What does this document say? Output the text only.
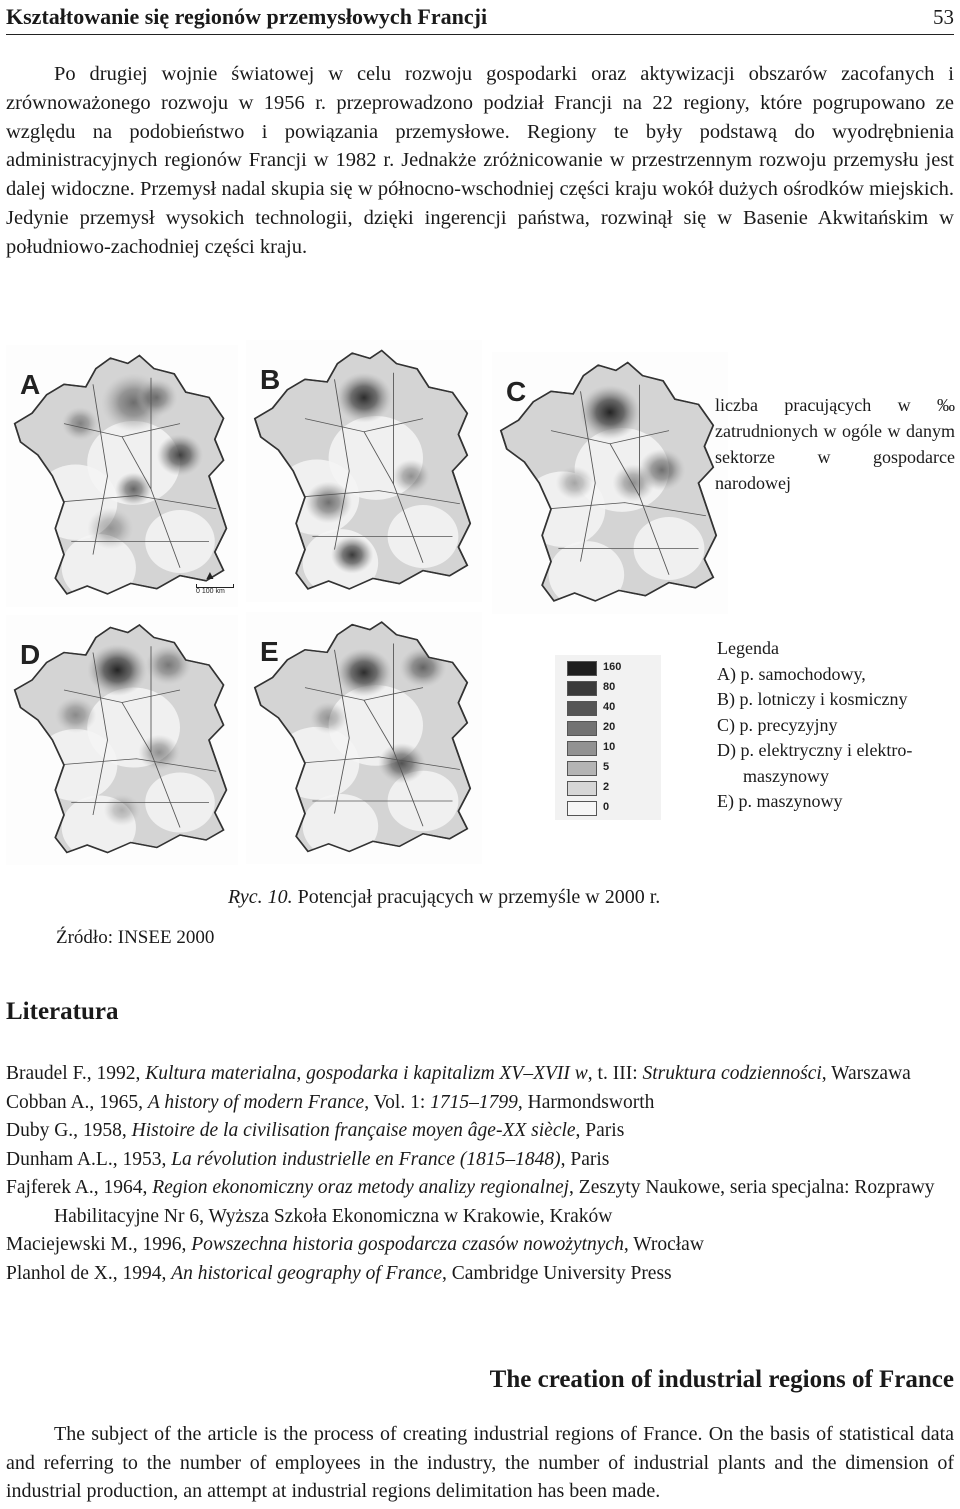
Kształtowanie się regionów przemysłowych Francji	53

Po drugiej wojnie światowej w celu rozwoju gospodarki oraz aktywizacji obszarów zacofanych i zrównoważonego rozwoju w 1956 r. przeprowadzono podział Francji na 22 regiony, które pogrupowano ze względu na podobieństwo i powiązania przemysłowe. Regiony te były podstawą do wyodrębnienia administracyjnych regionów Francji w 1982 r. Jednakże zróżnicowanie w przestrzennym rozwoju przemysłu jest dalej widoczne. Przemysł nadal skupia się w północno-wschodniej części kraju wokół dużych ośrodków miejskich. Jedynie przemysł wysokich technologii, dzięki ingerencji państwa, rozwinął się w Basenie Akwitańskim w południowo-zachodniej części kraju.

A	B	C
D	E
liczba pracujących w ‰ zatrudnionych w ogóle w danym sektorze w gospodarce narodowej
Legenda
A) p. samochodowy,
B) p. lotniczy i kosmiczny
C) p. precyzyjny
D) p. elektryczny i elektro-
maszynowy
E) p. maszynowy
160
80
40
20
10
5
2
0
Ryc. 10. Potencjał pracujących w przemyśle w 2000 r.
Źródło: INSEE 2000
Literatura
Braudel F., 1992, Kultura materialna, gospodarka i kapitalizm XV–XVII w, t. III: Struktura codzienności, Warszawa
Cobban A., 1965, A history of modern France, Vol. 1: 1715–1799, Harmondsworth
Duby G., 1958, Histoire de la civilisation française moyen âge-XX siècle, Paris
Dunham A.L., 1953, La révolution industrielle en France (1815–1848), Paris
Fajferek A., 1964, Region ekonomiczny oraz metody analizy regionalnej, Zeszyty Naukowe, seria specjalna: Rozprawy Habilitacyjne Nr 6, Wyższa Szkoła Ekonomiczna w Krakowie, Kraków
Maciejewski M., 1996, Powszechna historia gospodarcza czasów nowożytnych, Wrocław
Planhol de X., 1994, An historical geography of France, Cambridge University Press
The creation of industrial regions of France

The subject of the article is the process of creating industrial regions of France. On the basis of statistical data and referring to the number of employees in the industry, the number of industrial plants and the dimension of industrial production, an attempt at industrial regions delimitation has been made.

0 100 km
▲
